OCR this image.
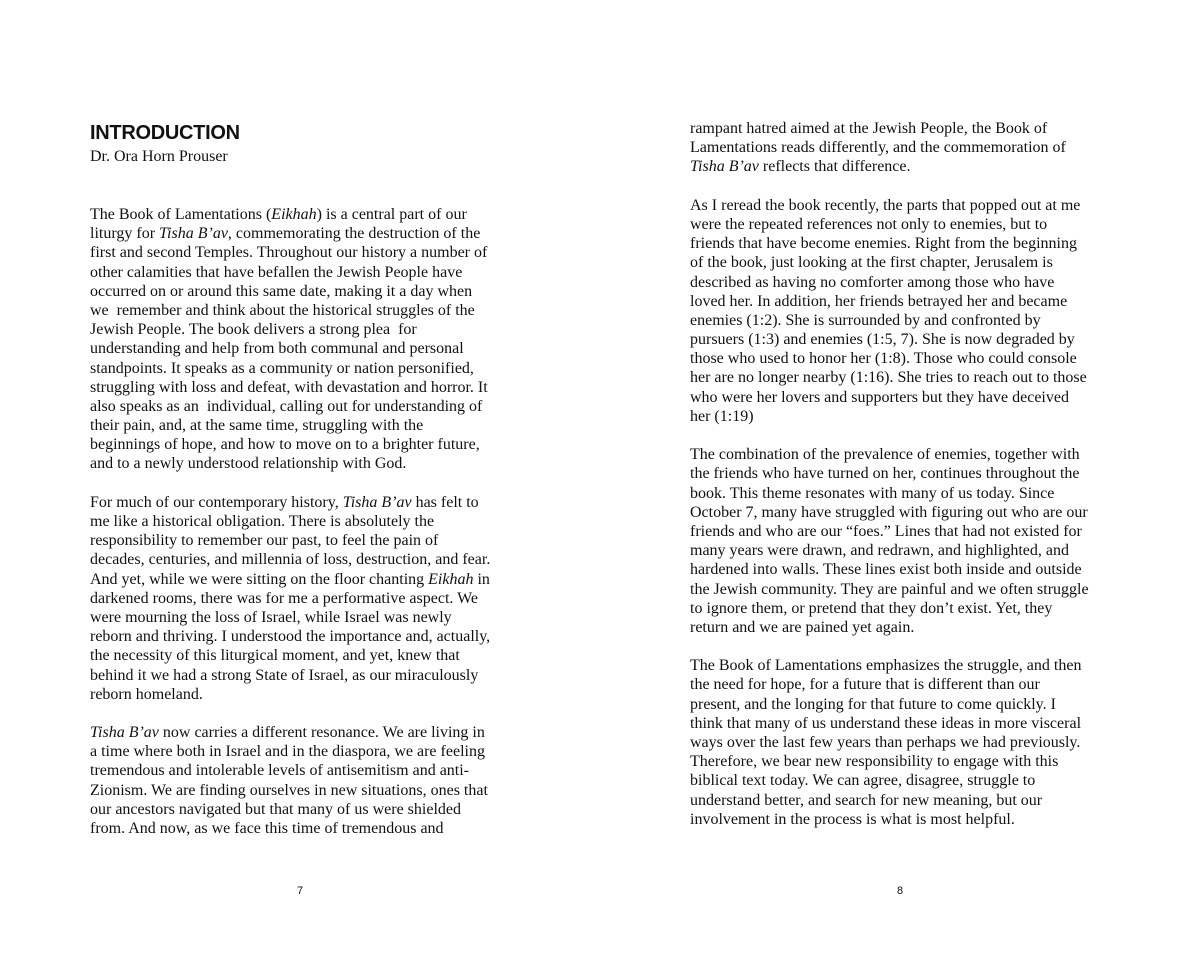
INTRODUCTION
Dr. Ora Horn Prouser
The Book of Lamentations (Eikhah) is a central part of our
liturgy for Tisha B’av, commemorating the destruction of the
first and second Temples. Throughout our history a number of
other calamities that have befallen the Jewish People have
occurred on or around this same date, making it a day when
we  remember and think about the historical struggles of the
Jewish People. The book delivers a strong plea  for
understanding and help from both communal and personal
standpoints. It speaks as a community or nation personified,
struggling with loss and defeat, with devastation and horror. It
also speaks as an  individual, calling out for understanding of
their pain, and, at the same time, struggling with the
beginnings of hope, and how to move on to a brighter future,
and to a newly understood relationship with God.
For much of our contemporary history, Tisha B’av has felt to
me like a historical obligation. There is absolutely the
responsibility to remember our past, to feel the pain of
decades, centuries, and millennia of loss, destruction, and fear.
And yet, while we were sitting on the floor chanting Eikhah in
darkened rooms, there was for me a performative aspect. We
were mourning the loss of Israel, while Israel was newly
reborn and thriving. I understood the importance and, actually,
the necessity of this liturgical moment, and yet, knew that
behind it we had a strong State of Israel, as our miraculously
reborn homeland.
Tisha B’av now carries a different resonance. We are living in
a time where both in Israel and in the diaspora, we are feeling
tremendous and intolerable levels of antisemitism and anti-
Zionism. We are finding ourselves in new situations, ones that
our ancestors navigated but that many of us were shielded
from. And now, as we face this time of tremendous and
7
rampant hatred aimed at the Jewish People, the Book of
Lamentations reads differently, and the commemoration of
Tisha B’av reflects that difference.
As I reread the book recently, the parts that popped out at me
were the repeated references not only to enemies, but to
friends that have become enemies. Right from the beginning
of the book, just looking at the first chapter, Jerusalem is
described as having no comforter among those who have
loved her. In addition, her friends betrayed her and became
enemies (1:2). She is surrounded by and confronted by
pursuers (1:3) and enemies (1:5, 7). She is now degraded by
those who used to honor her (1:8). Those who could console
her are no longer nearby (1:16). She tries to reach out to those
who were her lovers and supporters but they have deceived
her (1:19)
The combination of the prevalence of enemies, together with
the friends who have turned on her, continues throughout the
book. This theme resonates with many of us today. Since
October 7, many have struggled with figuring out who are our
friends and who are our “foes.” Lines that had not existed for
many years were drawn, and redrawn, and highlighted, and
hardened into walls. These lines exist both inside and outside
the Jewish community. They are painful and we often struggle
to ignore them, or pretend that they don’t exist. Yet, they
return and we are pained yet again.
The Book of Lamentations emphasizes the struggle, and then
the need for hope, for a future that is different than our
present, and the longing for that future to come quickly. I
think that many of us understand these ideas in more visceral
ways over the last few years than perhaps we had previously.
Therefore, we bear new responsibility to engage with this
biblical text today. We can agree, disagree, struggle to
understand better, and search for new meaning, but our
involvement in the process is what is most helpful.
8
